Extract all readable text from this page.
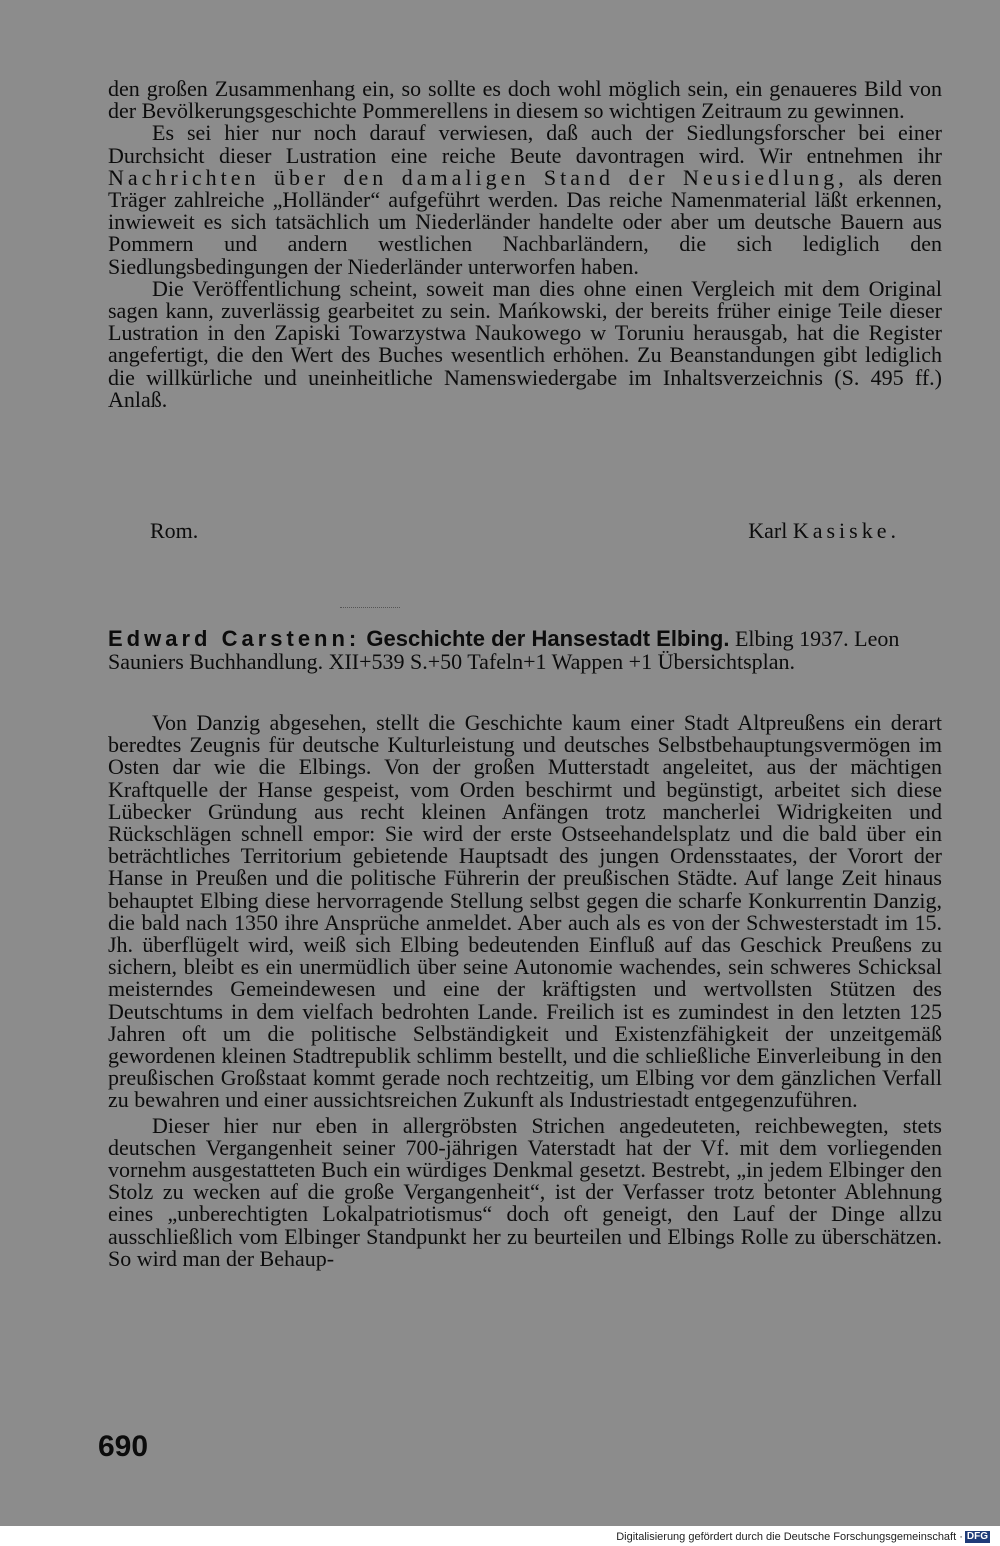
den großen Zusammenhang ein, so sollte es doch wohl möglich sein, ein genaueres Bild von der Bevölkerungsgeschichte Pommerellens in diesem so wichtigen Zeitraum zu gewinnen.

Es sei hier nur noch darauf verwiesen, daß auch der Siedlungsforscher bei einer Durchsicht dieser Lustration eine reiche Beute davontragen wird. Wir entnehmen ihr Nachrichten über den damaligen Stand der Neusiedlung, als deren Träger zahlreiche „Holländer“ aufgeführt werden. Das reiche Namenmaterial läßt erkennen, inwieweit es sich tatsächlich um Niederländer handelte oder aber um deutsche Bauern aus Pommern und andern westlichen Nachbarländern, die sich lediglich den Siedlungsbedingungen der Niederländer unterworfen haben.

Die Veröffentlichung scheint, soweit man dies ohne einen Vergleich mit dem Original sagen kann, zuverlässig gearbeitet zu sein. Mańkowski, der bereits früher einige Teile dieser Lustration in den Zapiski Towarzystwa Naukowego w Toruniu herausgab, hat die Register angefertigt, die den Wert des Buches wesentlich erhöhen. Zu Beanstandungen gibt lediglich die willkürliche und uneinheitliche Namenswiedergabe im Inhaltsverzeichnis (S. 495 ff.) Anlaß.

Rom.	Karl Kasiske.
Edward Carstenn: Geschichte der Hansestadt Elbing. Elbing 1937. Leon Sauniers Buchhandlung. XII+539 S.+50 Tafeln+1 Wappen +1 Übersichtsplan.

Von Danzig abgesehen, stellt die Geschichte kaum einer Stadt Altpreußens ein derart beredtes Zeugnis für deutsche Kulturleistung und deutsches Selbstbehauptungsvermögen im Osten dar wie die Elbings. Von der großen Mutterstadt angeleitet, aus der mächtigen Kraftquelle der Hanse gespeist, vom Orden beschirmt und begünstigt, arbeitet sich diese Lübecker Gründung aus recht kleinen Anfängen trotz mancherlei Widrigkeiten und Rückschlägen schnell empor: Sie wird der erste Ostseehandelsplatz und die bald über ein beträchtliches Territorium gebietende Hauptsadt des jungen Ordensstaates, der Vorort der Hanse in Preußen und die politische Führerin der preußischen Städte. Auf lange Zeit hinaus behauptet Elbing diese hervorragende Stellung selbst gegen die scharfe Konkurrentin Danzig, die bald nach 1350 ihre Ansprüche anmeldet. Aber auch als es von der Schwesterstadt im 15. Jh. überflügelt wird, weiß sich Elbing bedeutenden Einfluß auf das Geschick Preußens zu sichern, bleibt es ein unermüdlich über seine Autonomie wachendes, sein schweres Schicksal meisterndes Gemeindewesen und eine der kräftigsten und wertvollsten Stützen des Deutschtums in dem vielfach bedrohten Lande. Freilich ist es zumindest in den letzten 125 Jahren oft um die politische Selbständigkeit und Existenzfähigkeit der unzeitgemäß gewordenen kleinen Stadtrepublik schlimm bestellt, und die schließliche Einverleibung in den preußischen Großstaat kommt gerade noch rechtzeitig, um Elbing vor dem gänzlichen Verfall zu bewahren und einer aussichtsreichen Zukunft als Industriestadt entgegenzuführen.

Dieser hier nur eben in allergröbsten Strichen angedeuteten, reichbewegten, stets deutschen Vergangenheit seiner 700-jährigen Vaterstadt hat der Vf. mit dem vorliegenden vornehm ausgestatteten Buch ein würdiges Denkmal gesetzt. Bestrebt, „in jedem Elbinger den Stolz zu wecken auf die große Vergangenheit“, ist der Verfasser trotz betonter Ablehnung eines „unberechtigten Lokalpatriotismus“ doch oft geneigt, den Lauf der Dinge allzu ausschließlich vom Elbinger Standpunkt her zu beurteilen und Elbings Rolle zu überschätzen. So wird man der Behaup-

690
Digitalisierung gefördert durch die Deutsche Forschungsgemeinschaft · DFG
